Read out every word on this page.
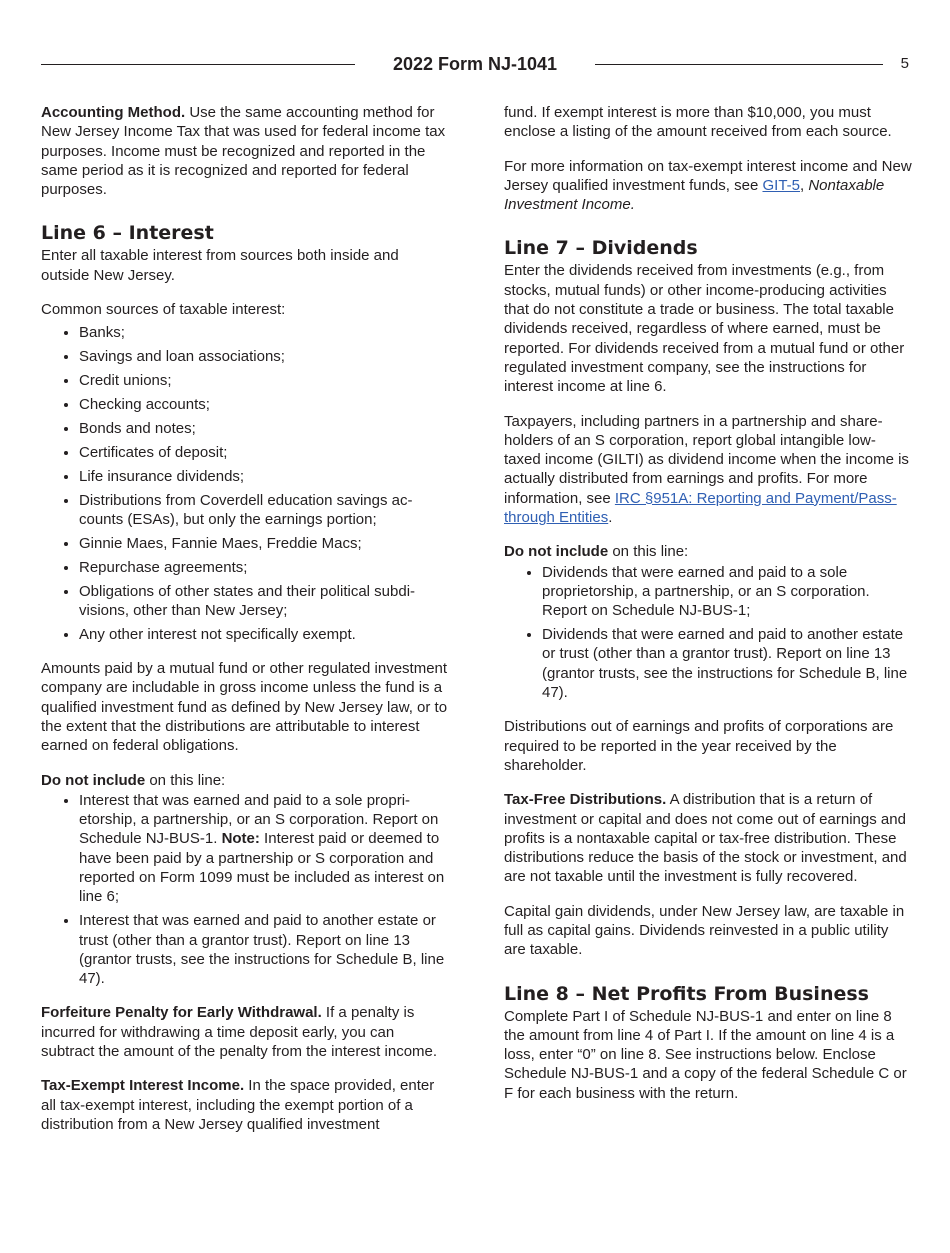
2022 Form NJ-1041	5

Accounting Method. Use the same accounting method for New Jersey Income Tax that was used for federal income tax purposes. Income must be recognized and reported in the same period as it is recognized and reported for federal purposes.

Line 6 – Interest

Enter all taxable interest from sources both inside and outside New Jersey.

Common sources of taxable interest:

• Banks;
• Savings and loan associations;
• Credit unions;
• Checking accounts;
• Bonds and notes;
• Certificates of deposit;
• Life insurance dividends;
• Distributions from Coverdell education savings accounts (ESAs), but only the earnings portion;
• Ginnie Maes, Fannie Maes, Freddie Macs;
• Repurchase agreements;
• Obligations of other states and their political subdivisions, other than New Jersey;
• Any other interest not specifically exempt.

Amounts paid by a mutual fund or other regulated investment company are includable in gross income unless the fund is a qualified investment fund as defined by New Jersey law, or to the extent that the distributions are attributable to interest earned on federal obligations.

Do not include on this line:

• Interest that was earned and paid to a sole proprietorship, a partnership, or an S corporation. Report on Schedule NJ-BUS-1. Note: Interest paid or deemed to have been paid by a partnership or S corporation and reported on Form 1099 must be included as interest on line 6;
• Interest that was earned and paid to another estate or trust (other than a grantor trust). Report on line 13 (grantor trusts, see the instructions for Schedule B, line 47).

Forfeiture Penalty for Early Withdrawal. If a penalty is incurred for withdrawing a time deposit early, you can subtract the amount of the penalty from the interest income.

Tax-Exempt Interest Income. In the space provided, enter all tax-exempt interest, including the exempt portion of a distribution from a New Jersey qualified investment

fund. If exempt interest is more than $10,000, you must enclose a listing of the amount received from each source.

For more information on tax-exempt interest income and New Jersey qualified investment funds, see GIT-5, Nontaxable Investment Income.

Line 7 – Dividends

Enter the dividends received from investments (e.g., from stocks, mutual funds) or other income-producing activities that do not constitute a trade or business. The total taxable dividends received, regardless of where earned, must be reported. For dividends received from a mutual fund or other regulated investment company, see the instructions for interest income at line 6.

Taxpayers, including partners in a partnership and shareholders of an S corporation, report global intangible low-taxed income (GILTI) as dividend income when the income is actually distributed from earnings and profits. For more information, see IRC §951A: Reporting and Payment/Pass-through Entities.

Do not include on this line:

• Dividends that were earned and paid to a sole proprietorship, a partnership, or an S corporation. Report on Schedule NJ-BUS-1;
• Dividends that were earned and paid to another estate or trust (other than a grantor trust). Report on line 13 (grantor trusts, see the instructions for Schedule B, line 47).

Distributions out of earnings and profits of corporations are required to be reported in the year received by the shareholder.

Tax-Free Distributions. A distribution that is a return of investment or capital and does not come out of earnings and profits is a nontaxable capital or tax-free distribution. These distributions reduce the basis of the stock or investment, and are not taxable until the investment is fully recovered.

Capital gain dividends, under New Jersey law, are taxable in full as capital gains. Dividends reinvested in a public utility are taxable.

Line 8 – Net Profits From Business

Complete Part I of Schedule NJ-BUS-1 and enter on line 8 the amount from line 4 of Part I. If the amount on line 4 is a loss, enter “0” on line 8. See instructions below. Enclose Schedule NJ-BUS-1 and a copy of the federal Schedule C or F for each business with the return.
